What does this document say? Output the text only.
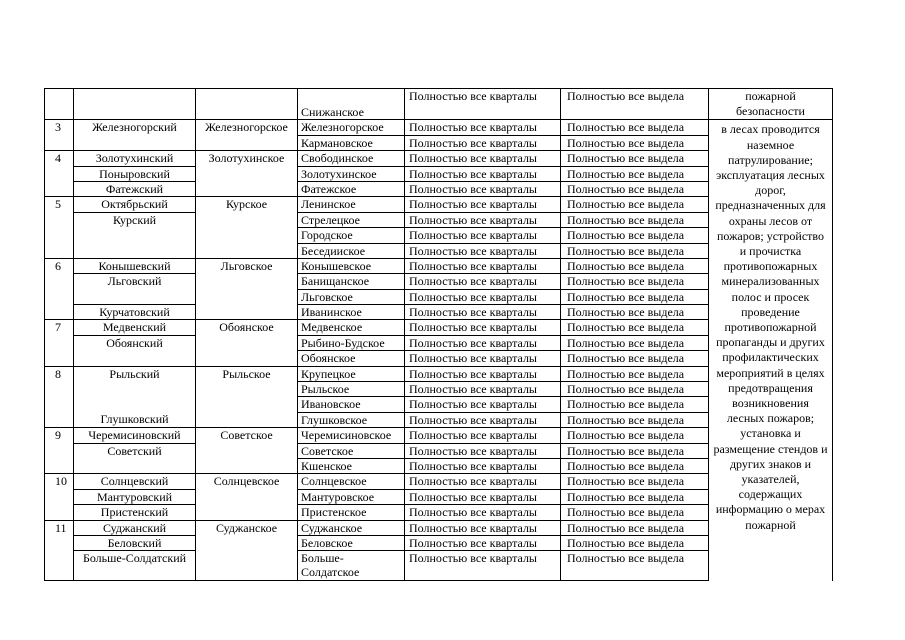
			Снижанское	Полностью все кварталы	Полностью все выдела	пожарной безопасности
3	Железногорский	Железногорское	Железногорское	Полностью все кварталы	Полностью все выдела	в лесах проводится наземное патрулирование; эксплуатация лесных дорог, предназначенных для охраны лесов от пожаров; устройство и прочистка противопожарных минерализованных полос и просек проведение противопожарной пропаганды и других профилактических мероприятий в целях предотвращения возникновения лесных пожаров; установка и размещение стендов и других знаков и указателей, содержащих информацию о мерах пожарной
			Кармановское	Полностью все кварталы	Полностью все выдела	
4	Золотухинский	Золотухинское	Свободинское	Полностью все кварталы	Полностью все выдела	
	Поныровский		Золотухинское	Полностью все кварталы	Полностью все выдела	
	Фатежский		Фатежское	Полностью все кварталы	Полностью все выдела	
5	Октябрьский	Курское	Ленинское	Полностью все кварталы	Полностью все выдела	
	Курский		Стрелецкое	Полностью все кварталы	Полностью все выдела	
			Городское	Полностью все кварталы	Полностью все выдела	
			Беседииское	Полностью все кварталы	Полностью все выдела	
6	Конышевский	Льговское	Конышевское	Полностью все кварталы	Полностью все выдела	
	Льговский		Банищанское	Полностью все кварталы	Полностью все выдела	
			Льговское	Полностью все кварталы	Полностью все выдела	
	Курчатовский		Иванинское	Полностью все кварталы	Полностью все выдела	
7	Медвенский	Обоянское	Медвенское	Полностью все кварталы	Полностью все выдела	
	Обоянский		Рыбино-Будское	Полностью все кварталы	Полностью все выдела	
			Обоянское	Полностью все кварталы	Полностью все выдела	
8	Рыльский	Рыльское	Крупецкое	Полностью все кварталы	Полностью все выдела	
			Рыльское	Полностью все кварталы	Полностью все выдела	
			Ивановское	Полностью все кварталы	Полностью все выдела	
	Глушковский		Глушковское	Полностью все кварталы	Полностью все выдела	
9	Черемисиновский	Советское	Черемисиновское	Полностью все кварталы	Полностью все выдела	
	Советский		Советское	Полностью все кварталы	Полностью все выдела	
			Кшенское	Полностью все кварталы	Полностью все выдела	
10	Солнцевский	Солнцевское	Солнцевское	Полностью все кварталы	Полностью все выдела	
	Мантуровский		Мантуровское	Полностью все кварталы	Полностью все выдела	
	Пристенский		Пристенское	Полностью все кварталы	Полностью все выдела	
11	Суджанский	Суджанское	Суджанское	Полностью все кварталы	Полностью все выдела	
	Беловский		Беловское	Полностью все кварталы	Полностью все выдела	
	Больше-Солдатский		Больше-Солдатское	Полностью все кварталы	Полностью все выдела	
